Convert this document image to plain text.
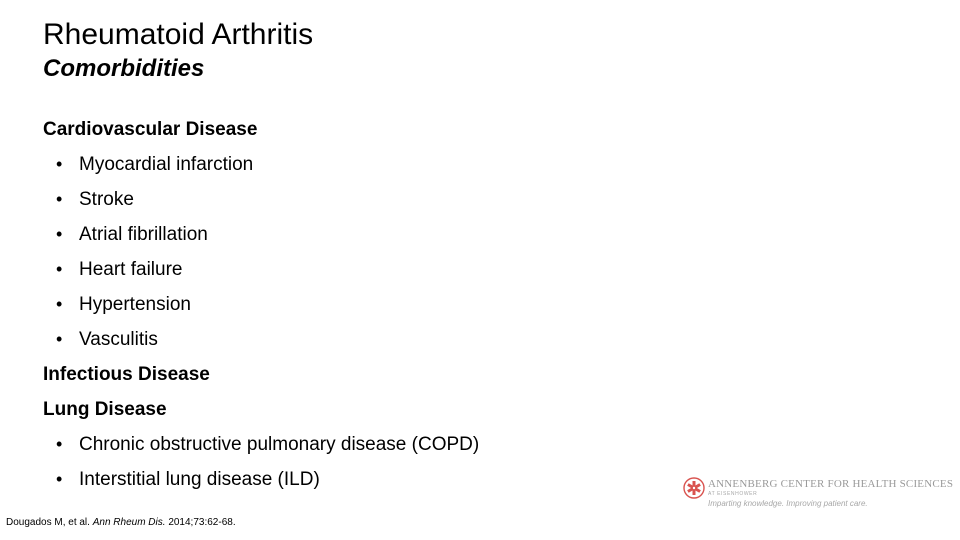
Rheumatoid Arthritis
Comorbidities
Cardiovascular Disease
• Myocardial infarction
• Stroke
• Atrial fibrillation
• Heart failure
• Hypertension
• Vasculitis
Infectious Disease
Lung Disease
• Chronic obstructive pulmonary disease (COPD)
• Interstitial lung disease (ILD)
Dougados M, et al. Ann Rheum Dis. 2014;73:62-68.
ANNENBERG CENTER FOR HEALTH SCIENCES
AT EISENHOWER
Imparting knowledge. Improving patient care.
